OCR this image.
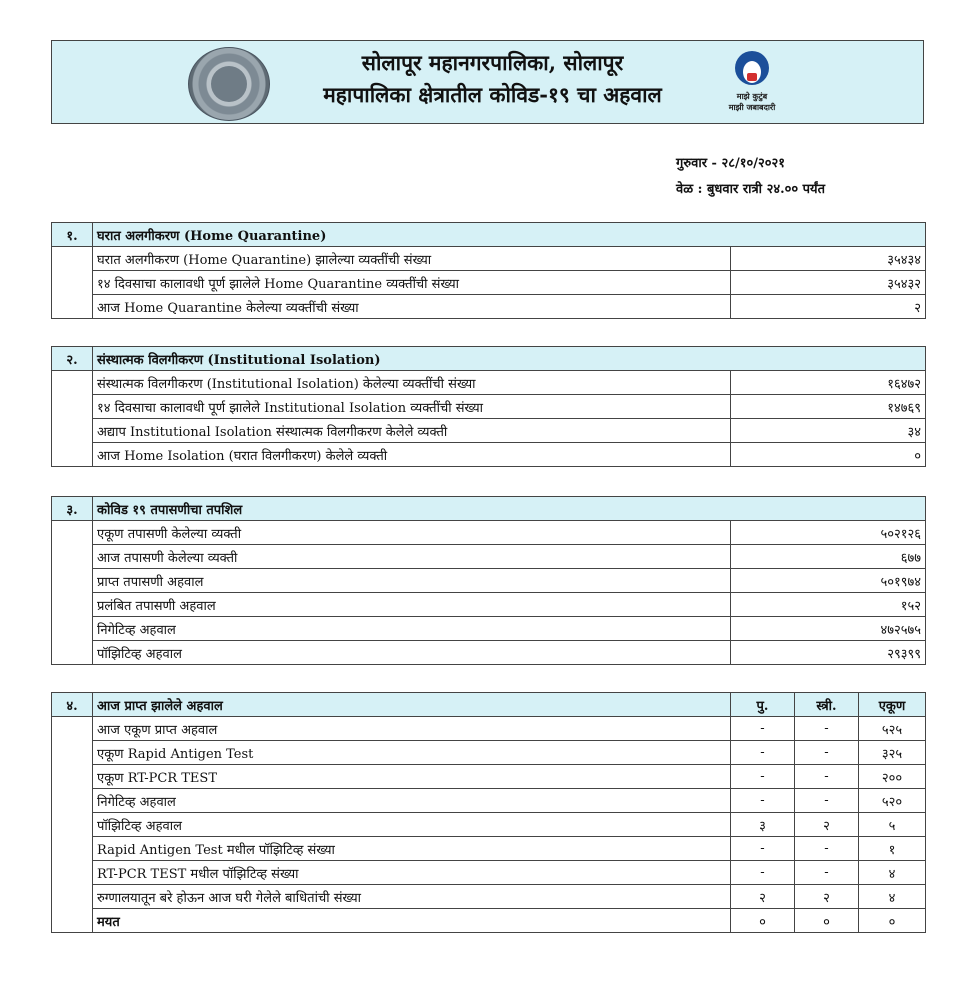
सोलापूर महानगरपालिका, सोलापूर
महापालिका क्षेत्रातील कोविड-१९ चा अहवाल	माझे कुटुंब
माझी जबाबदारी
गुरुवार - २८/१०/२०२१
वेळ : बुधवार रात्री २४.०० पर्यंत
१.	घरात अलगीकरण (Home Quarantine)	
	घरात अलगीकरण (Home Quarantine) झालेल्या व्यक्तींची संख्या	३५४३४
	१४ दिवसाचा कालावधी पूर्ण झालेले Home Quarantine व्यक्तींची संख्या	३५४३२
	आज Home Quarantine केलेल्या व्यक्तींची संख्या	२
२.	संस्थात्मक विलगीकरण (Institutional Isolation)	
	संस्थात्मक विलगीकरण (Institutional Isolation) केलेल्या व्यक्तींची संख्या	१६४७२
	१४ दिवसाचा कालावधी पूर्ण झालेले Institutional Isolation व्यक्तींची संख्या	१४७६९
	अद्याप Institutional Isolation संस्थात्मक विलगीकरण केलेले व्यक्ती	३४
	आज Home Isolation (घरात विलगीकरण) केलेले व्यक्ती	०
३.	कोविड १९ तपासणीचा तपशिल	
	एकूण तपासणी केलेल्या व्यक्ती	५०२१२६
	आज तपासणी केलेल्या व्यक्ती	६७७
	प्राप्त तपासणी अहवाल	५०१९७४
	प्रलंबित तपासणी अहवाल	१५२
	निगेटिव्ह अहवाल	४७२५७५
	पॉझिटिव्ह अहवाल	२९३९९
४.	आज प्राप्त झालेले अहवाल	पु.	स्त्री.	एकूण
	आज एकूण प्राप्त अहवाल	-	-	५२५
	एकूण Rapid Antigen Test	-	-	३२५
	एकूण RT-PCR TEST	-	-	२००
	निगेटिव्ह अहवाल	-	-	५२०
	पॉझिटिव्ह अहवाल	३	२	५
	Rapid Antigen Test मधील पॉझिटिव्ह संख्या	-	-	१
	RT-PCR TEST मधील पॉझिटिव्ह संख्या	-	-	४
	रुग्णालयातून बरे होऊन आज घरी गेलेले बाधितांची संख्या	२	२	४
	मयत	०	०	०
